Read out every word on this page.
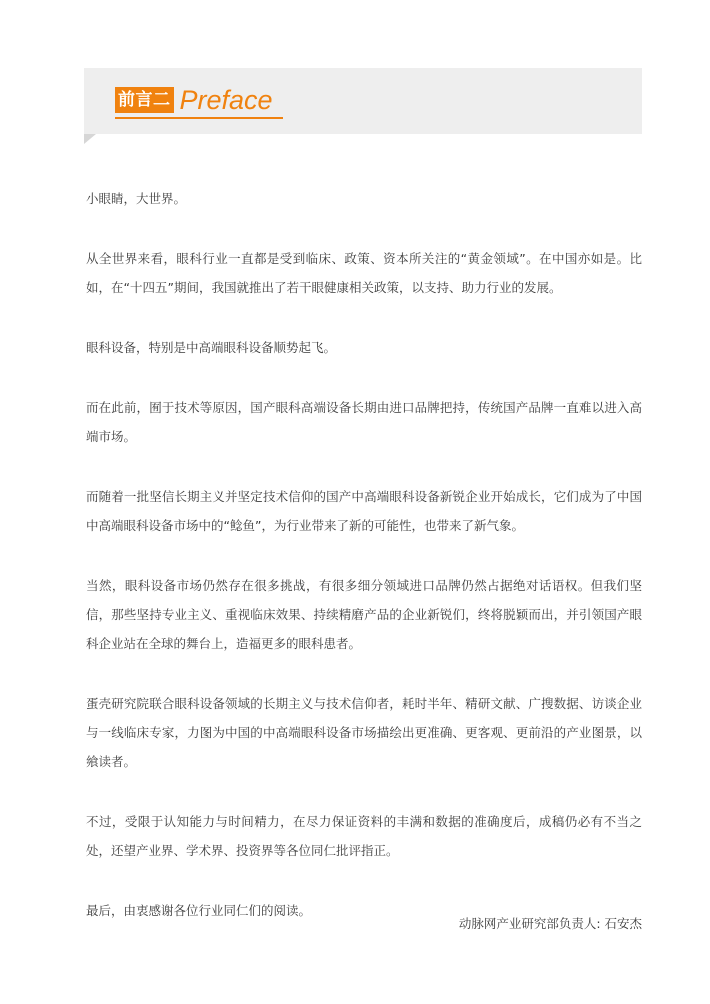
前言二 Preface

小眼睛，大世界。

从全世界来看，眼科行业一直都是受到临床、政策、资本所关注的“黄金领域”。在中国亦如是。比如，在“十四五”期间，我国就推出了若干眼健康相关政策，以支持、助力行业的发展。

眼科设备，特别是中高端眼科设备顺势起飞。

而在此前，囿于技术等原因，国产眼科高端设备长期由进口品牌把持，传统国产品牌一直难以进入高端市场。

而随着一批坚信长期主义并坚定技术信仰的国产中高端眼科设备新锐企业开始成长，它们成为了中国中高端眼科设备市场中的“鲶鱼”，为行业带来了新的可能性，也带来了新气象。

当然，眼科设备市场仍然存在很多挑战，有很多细分领域进口品牌仍然占据绝对话语权。但我们坚信，那些坚持专业主义、重视临床效果、持续精磨产品的企业新锐们，终将脱颖而出，并引领国产眼科企业站在全球的舞台上，造福更多的眼科患者。

蛋壳研究院联合眼科设备领域的长期主义与技术信仰者，耗时半年、精研文献、广搜数据、访谈企业与一线临床专家，力图为中国的中高端眼科设备市场描绘出更准确、更客观、更前沿的产业图景，以飨读者。

不过，受限于认知能力与时间精力，在尽力保证资料的丰满和数据的准确度后，成稿仍必有不当之处，还望产业界、学术界、投资界等各位同仁批评指正。

最后，由衷感谢各位行业同仁们的阅读。

动脉网产业研究部负责人: 石安杰
